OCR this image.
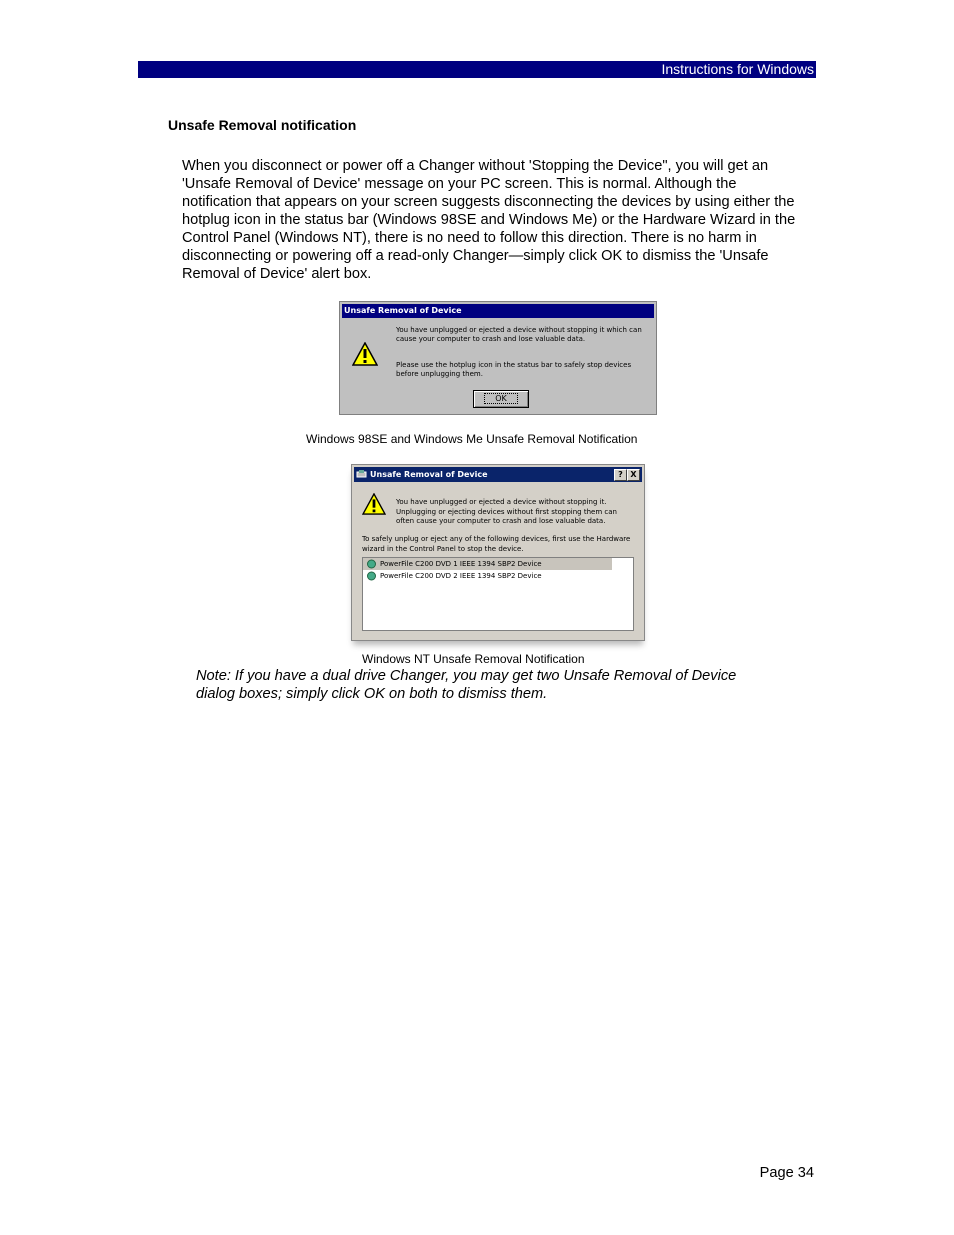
Instructions for Windows
Unsafe Removal notification

When you disconnect or power off a Changer without 'Stopping the Device", you will get an 'Unsafe Removal of Device' message on your PC screen. This is normal. Although the notification that appears on your screen suggests disconnecting the devices by using either the hotplug icon in the status bar (Windows 98SE and Windows Me) or the Hardware Wizard in the Control Panel (Windows NT), there is no need to follow this direction. There is no harm in disconnecting or powering off a read-only Changer—simply click OK to dismiss the 'Unsafe Removal of Device' alert box.

Unsafe Removal of Device
You have unplugged or ejected a device without stopping it which can cause your computer to crash and lose valuable data.
Please use the hotplug icon in the status bar to safely stop devices before unplugging them.
OK
Windows 98SE and Windows Me Unsafe Removal Notification
Unsafe Removal of Device	? X
You have unplugged or ejected a device without stopping it. Unplugging or ejecting devices without first stopping them can often cause your computer to crash and lose valuable data.
To safely unplug or eject any of the following devices, first use the Hardware wizard in the Control Panel to stop the device.
PowerFile C200 DVD 1 IEEE 1394 SBP2 Device
PowerFile C200 DVD 2 IEEE 1394 SBP2 Device
Windows NT Unsafe Removal Notification

Note: If you have a dual drive Changer, you may get two Unsafe Removal of Device dialog boxes; simply click OK on both to dismiss them.

Page 34
